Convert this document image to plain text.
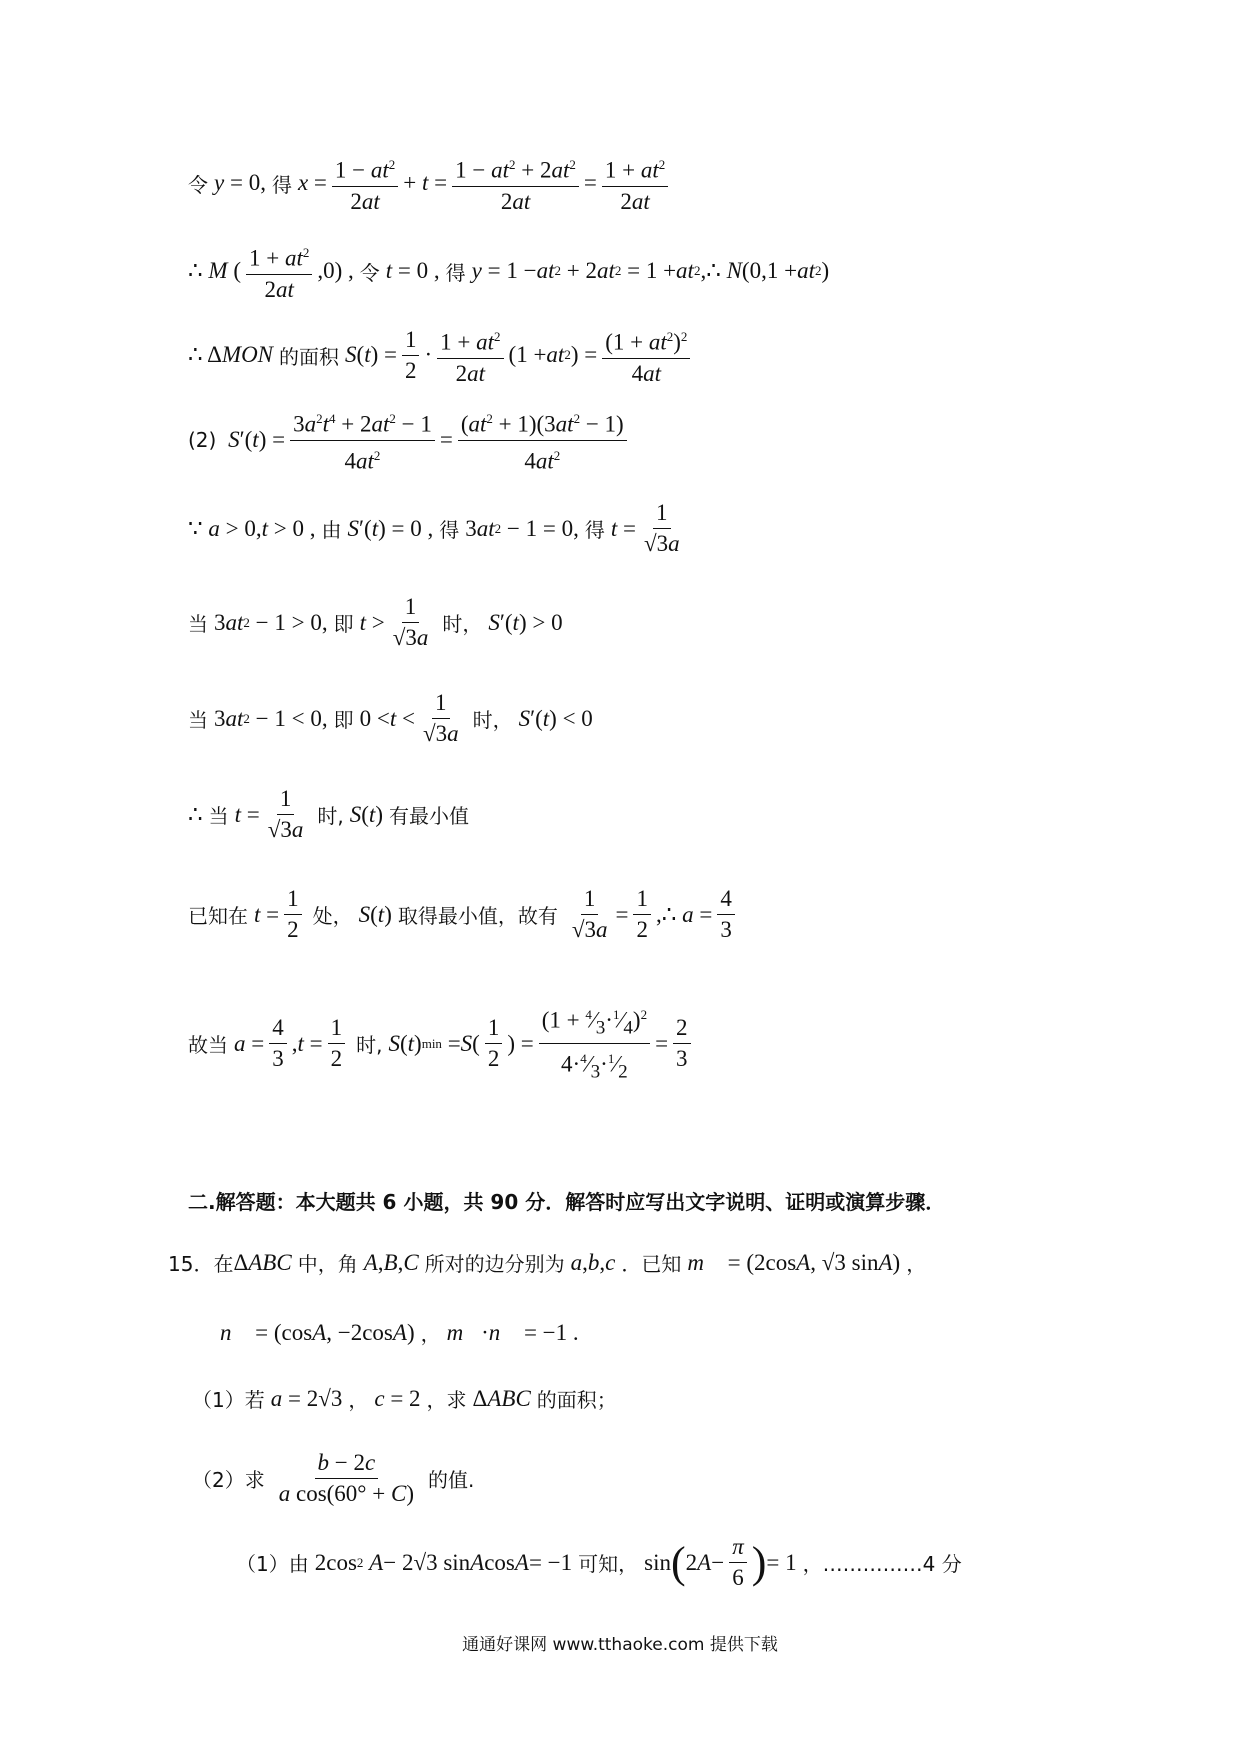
令 y = 0, 得 $x = \frac{1 - at^2}{2at} + t = \frac{1 - at^2 + 2at^2}{2at} = \frac{1 + at^2}{2at}$
∴ M ( $\frac{1 + at^2}{2at} ,0$) , 令 t = 0 , 得 y = 1 − at 2 + 2 at 2 = 1 + at 2 ,∴ N (0,1 + at 2 )
∴ Δ MON 的面积 S ( t ) = $\frac{1}{2} \cdot \frac{1 + at^2}{2at} (1$ + at 2 ) = $\frac{(1 + at^2)^2}{4at}$
(2)
S ′( t ) = $\frac{3a^2t^4 + 2at^2 - 1}{4at^2} = \frac{(at^2 + 1)(3at^2 - 1)}{4at^2}$
∵ a > 0, t > 0 , 由 S ′( t ) = 0 , 得 3 at 2 − 1 = 0, 得 $t = \frac{1}{√3a}$
当 3 at 2 − 1 > 0, 即 $t > \frac{1}{√3a}$ 时， S ′( t ) > 0
当 3 at 2 − 1 < 0, 即 $0 < t < \frac{1}{√3a}$ 时， S ′( t ) < 0
∴ 当 $t = \frac{1}{√3a}$ 时, S ( t ) 有最小值
已知在 $t = \frac{1}{2}$ 处， S ( t ) 取得最小值，故有 $\frac{1}{√3a} = \frac{1}{2}$ ,∴ $a = \frac{4}{3}$
故当 $a = \frac{4}{3}$ , $t = \frac{1}{2}$ 时, S ( t ) min = S ( $\frac{1}{2}$ ) = $\frac{(1 + ^4⁄_3\cdot^1⁄_4)^2}{4\cdot^4⁄_3\cdot^1⁄_2} = \frac{2}{3}$
二.解答题：本大题共 6 小题，共 90 分．解答时应写出文字说明、证明或演算步骤．
15．在 Δ ABC 中，角 A , B , C 所对的边分别为 a , b , c ．已知 m⃗ = (2cos A , √3 sin A ) ，
n⃗ = (cos A , −2cos A ) ， m⃗ · n⃗ = −1 .
（1）若 a = 2√3 ， c = 2 ，求 Δ ABC 的面积；
（2）求 $\frac{b - 2c}{\text{a cos(60° + C)}}$ 的值.
（1）由 2cos 2
A − 2√3 sin A cos A = −1 可知， sin ( 2 $A - \frac{\pi}{6}$ ) = 1 ，……………4 分
通通好课网 www.tthaoke.com 提供下载
